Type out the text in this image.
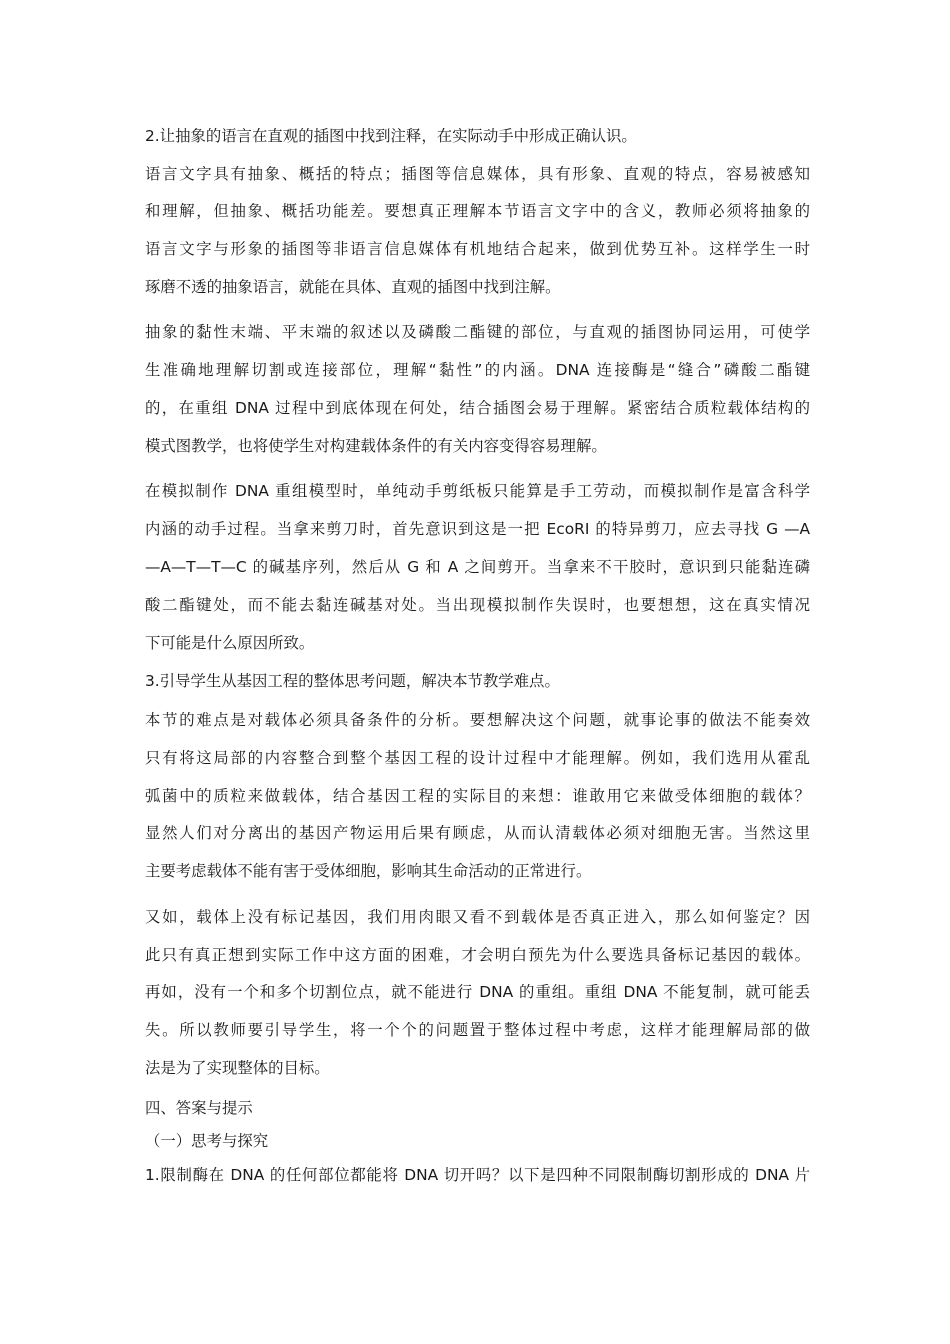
2.让抽象的语言在直观的插图中找到注释，在实际动手中形成正确认识。
语言文字具有抽象、概括的特点；插图等信息媒体，具有形象、直观的特点，容易被感知
和理解，但抽象、概括功能差。要想真正理解本节语言文字中的含义，教师必须将抽象的
语言文字与形象的插图等非语言信息媒体有机地结合起来，做到优势互补。这样学生一时
琢磨不透的抽象语言，就能在具体、直观的插图中找到注解。
抽象的黏性末端、平末端的叙述以及磷酸二酯键的部位，与直观的插图协同运用，可使学
生准确地理解切割或连接部位，理解“黏性”的内涵。DNA 连接酶是“缝合”磷酸二酯键
的，在重组 DNA 过程中到底体现在何处，结合插图会易于理解。紧密结合质粒载体结构的
模式图教学，也将使学生对构建载体条件的有关内容变得容易理解。
在模拟制作 DNA 重组模型时，单纯动手剪纸板只能算是手工劳动，而模拟制作是富含科学
内涵的动手过程。当拿来剪刀时，首先意识到这是一把 EcoRI 的特异剪刀，应去寻找 G —A
—A—T—T—C 的碱基序列，然后从 G 和 A 之间剪开。当拿来不干胶时，意识到只能黏连磷
酸二酯键处，而不能去黏连碱基对处。当出现模拟制作失误时，也要想想，这在真实情况
下可能是什么原因所致。
3.引导学生从基因工程的整体思考问题，解决本节教学难点。
本节的难点是对载体必须具备条件的分析。要想解决这个问题，就事论事的做法不能奏效
只有将这局部的内容整合到整个基因工程的设计过程中才能理解。例如，我们选用从霍乱
弧菌中的质粒来做载体，结合基因工程的实际目的来想：谁敢用它来做受体细胞的载体？
显然人们对分离出的基因产物运用后果有顾虑，从而认清载体必须对细胞无害。当然这里
主要考虑载体不能有害于受体细胞，影响其生命活动的正常进行。
又如，载体上没有标记基因，我们用肉眼又看不到载体是否真正进入，那么如何鉴定？因
此只有真正想到实际工作中这方面的困难，才会明白预先为什么要选具备标记基因的载体。
再如，没有一个和多个切割位点，就不能进行 DNA 的重组。重组 DNA 不能复制，就可能丢
失。所以教师要引导学生，将一个个的问题置于整体过程中考虑，这样才能理解局部的做
法是为了实现整体的目标。
四、答案与提示
（一）思考与探究
1.限制酶在 DNA 的任何部位都能将 DNA 切开吗？以下是四种不同限制酶切割形成的 DNA 片
